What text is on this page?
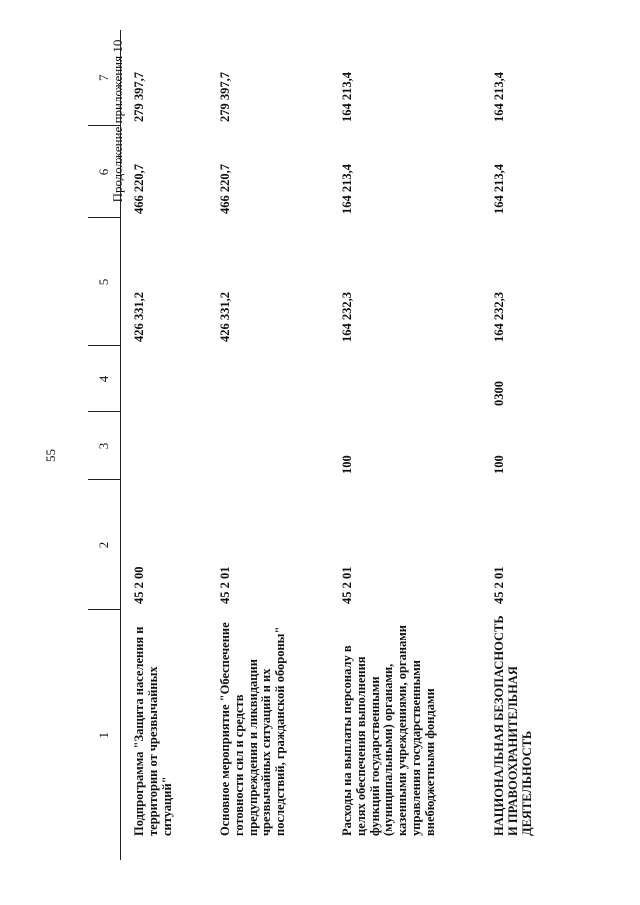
55
Продолжение приложения 10
1	2	3	4	5	6	7
Подпрограмма "Защита населения и территории от чрезвычайных ситуаций"	45 2 00			426 331,2	466 220,7	279 397,7
Основное мероприятие "Обеспечение готовности сил и средств предупреждения и ликвидации чрезвычайных ситуаций и их последствий, гражданской обороны"	45 2 01			426 331,2	466 220,7	279 397,7
Расходы на выплаты персоналу в целях обеспечения выполнения функций государственными (муниципальными) органами, казенными учреждениями, органами управления государственными внебюджетными фондами	45 2 01	100		164 232,3	164 213,4	164 213,4
НАЦИОНАЛЬНАЯ БЕЗОПАСНОСТЬ И ПРАВООХРАНИТЕЛЬНАЯ ДЕЯТЕЛЬНОСТЬ	45 2 01	100	0300	164 232,3	164 213,4	164 213,4
